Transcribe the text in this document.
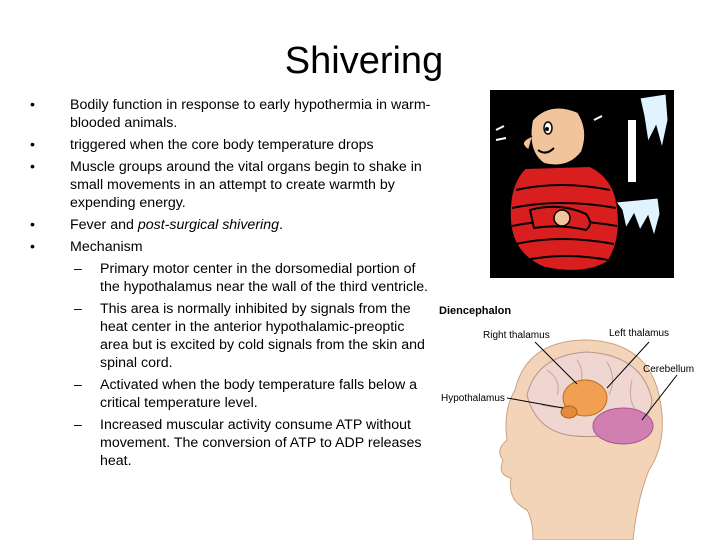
Shivering
• Bodily function in response to early hypothermia in warm-blooded animals.
• triggered when the core body temperature drops
• Muscle groups around the vital organs begin to shake in small movements in an attempt to create warmth by expending energy.
• Fever and post-surgical shivering.
• Mechanism
– Primary motor center in the dorsomedial portion of the hypothalamus near the wall of the third ventricle.
– This area is normally inhibited by signals from the heat center in the anterior hypothalamic-preoptic area but is excited by cold signals from the skin and spinal cord.
– Activated when the body temperature falls below a critical temperature level.
– Increased muscular activity consume ATP without movement. The conversion of ATP to ADP releases heat.
Diencephalon
Right thalamus	Left thalamus
Cerebellum
Hypothalamus
